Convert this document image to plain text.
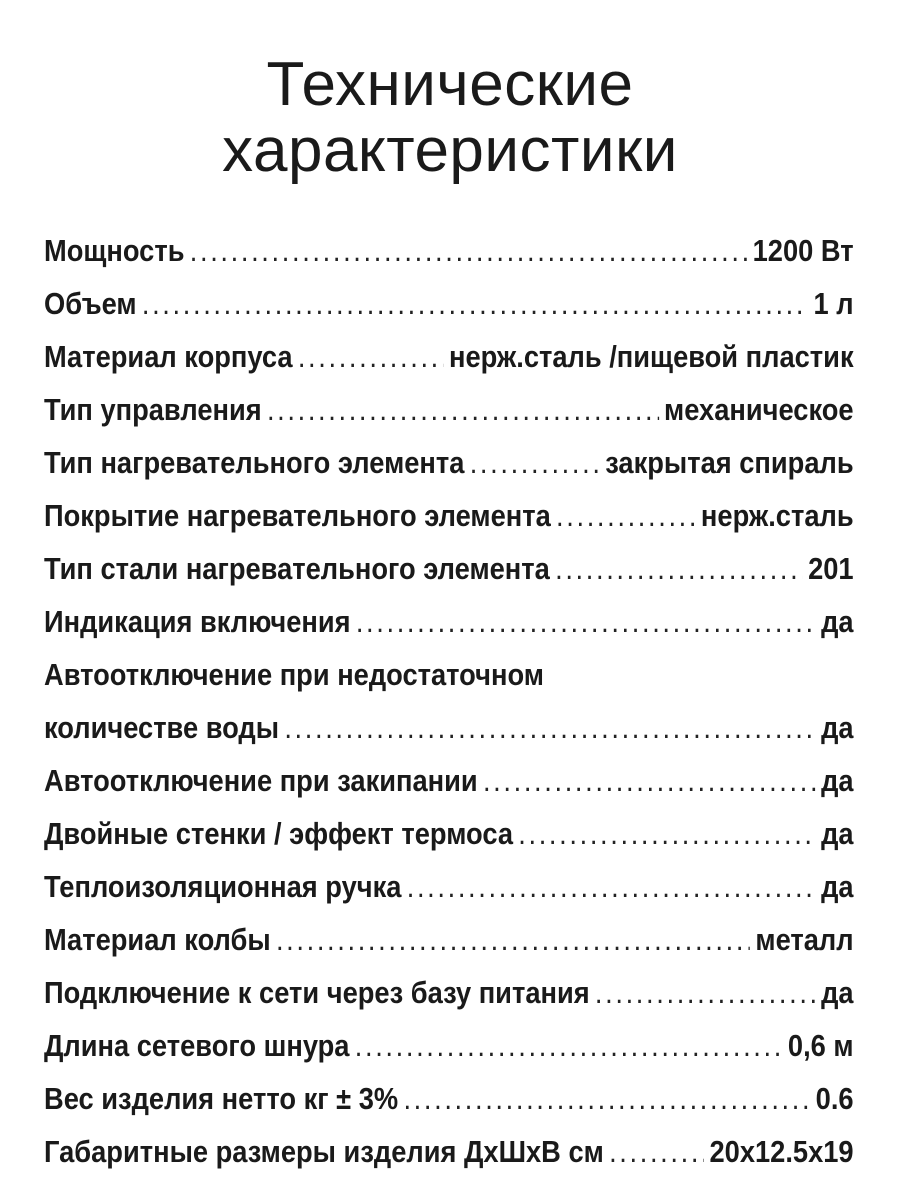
Технические
характеристики
Мощность .....	1200 Вт
Объем .....	1 л
Материал корпуса .....	нерж.сталь /пищевой пластик
Тип управления .....	механическое
Тип нагревательного элемента .....	закрытая спираль
Покрытие нагревательного элемента .....	нерж.сталь
Тип стали нагревательного элемента .....	201
Индикация включения .....	да
Автоотключение при недостаточном
количестве воды .....	да
Автоотключение при закипании .....	да
Двойные стенки / эффект термоса .....	да
Теплоизоляционная ручка .....	да
Материал колбы .....	металл
Подключение к сети через базу питания .....	да
Длина сетевого шнура .....	0,6 м
Вес изделия нетто кг ± 3% .....	0.6
Габаритные размеры изделия ДхШхВ см .....	20x12.5x19
